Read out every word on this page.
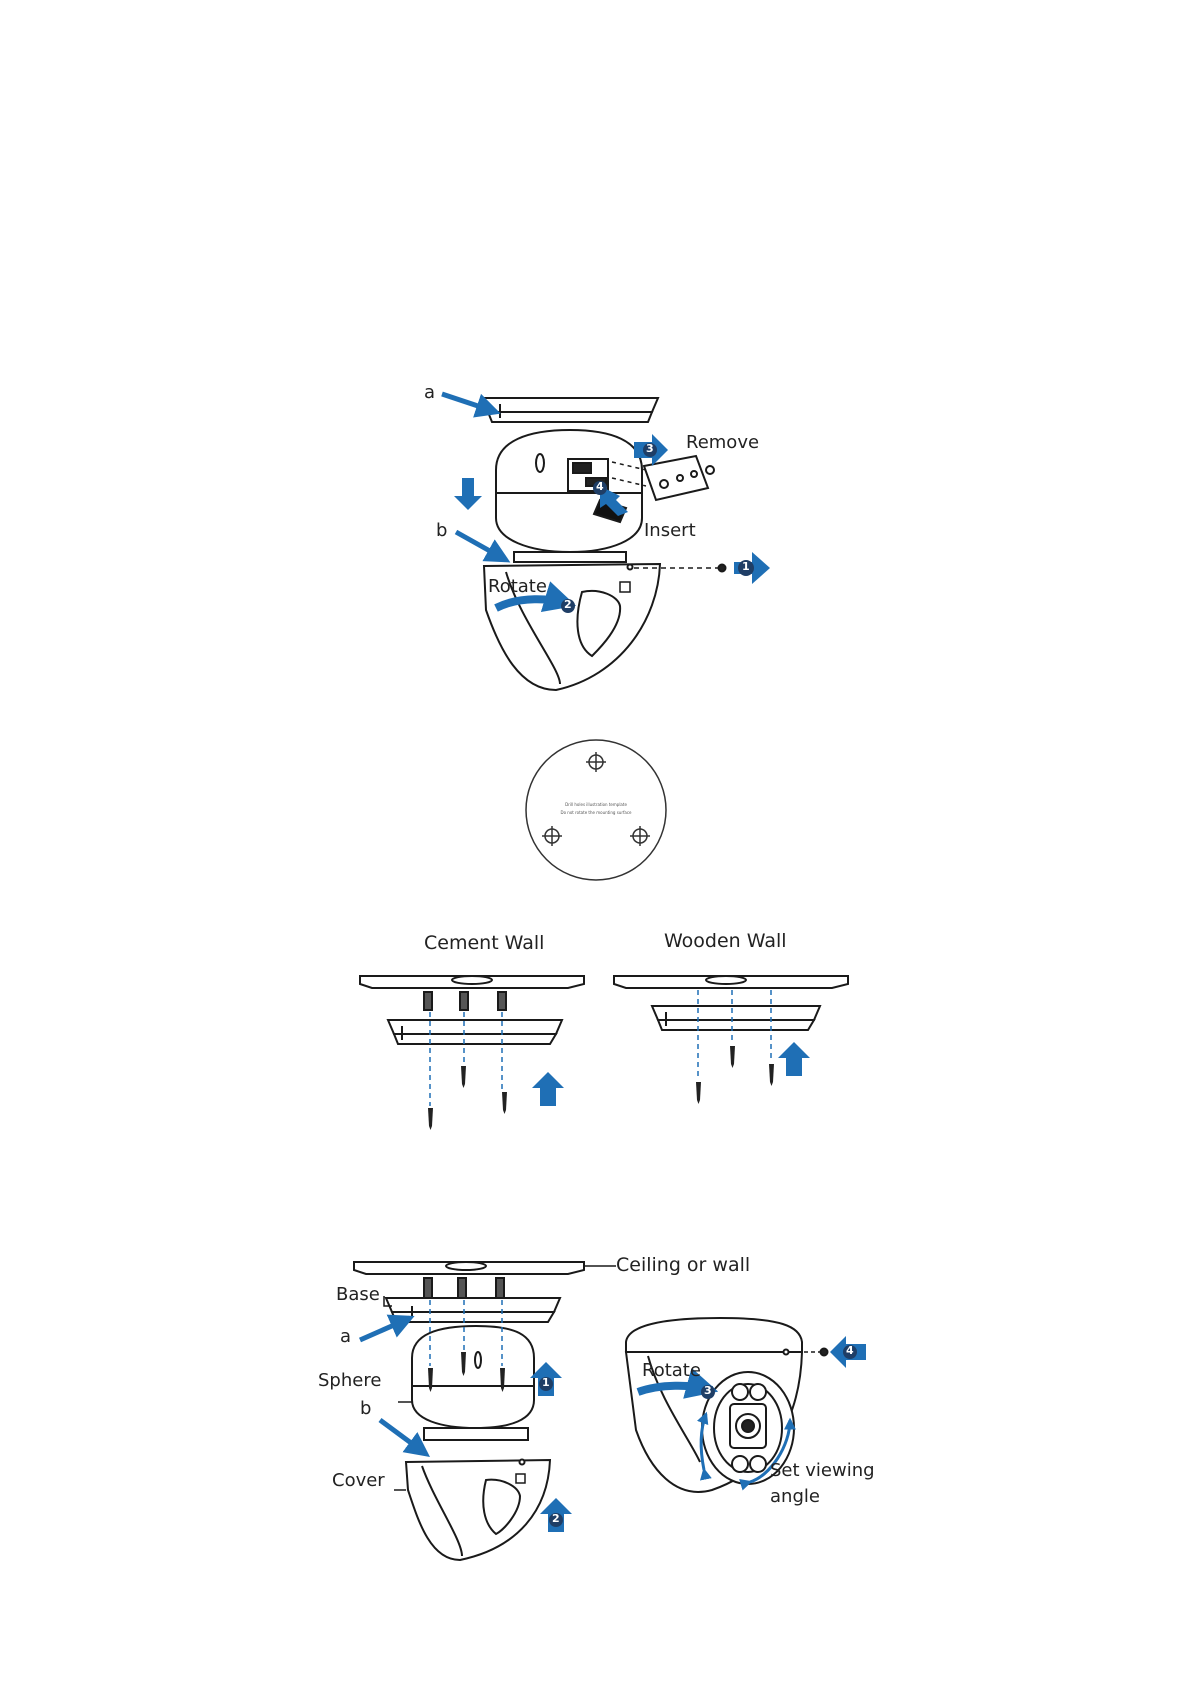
1
2
3
4
a
b
Remove
Insert
Rotate
Drill holes illustration template
Do not rotate the mounting surface
Cement Wall	Wooden Wall
Ceiling or wall
Base
a
Sphere
b
Cover
Rotate
Set viewing
angle
1
2
3
4
